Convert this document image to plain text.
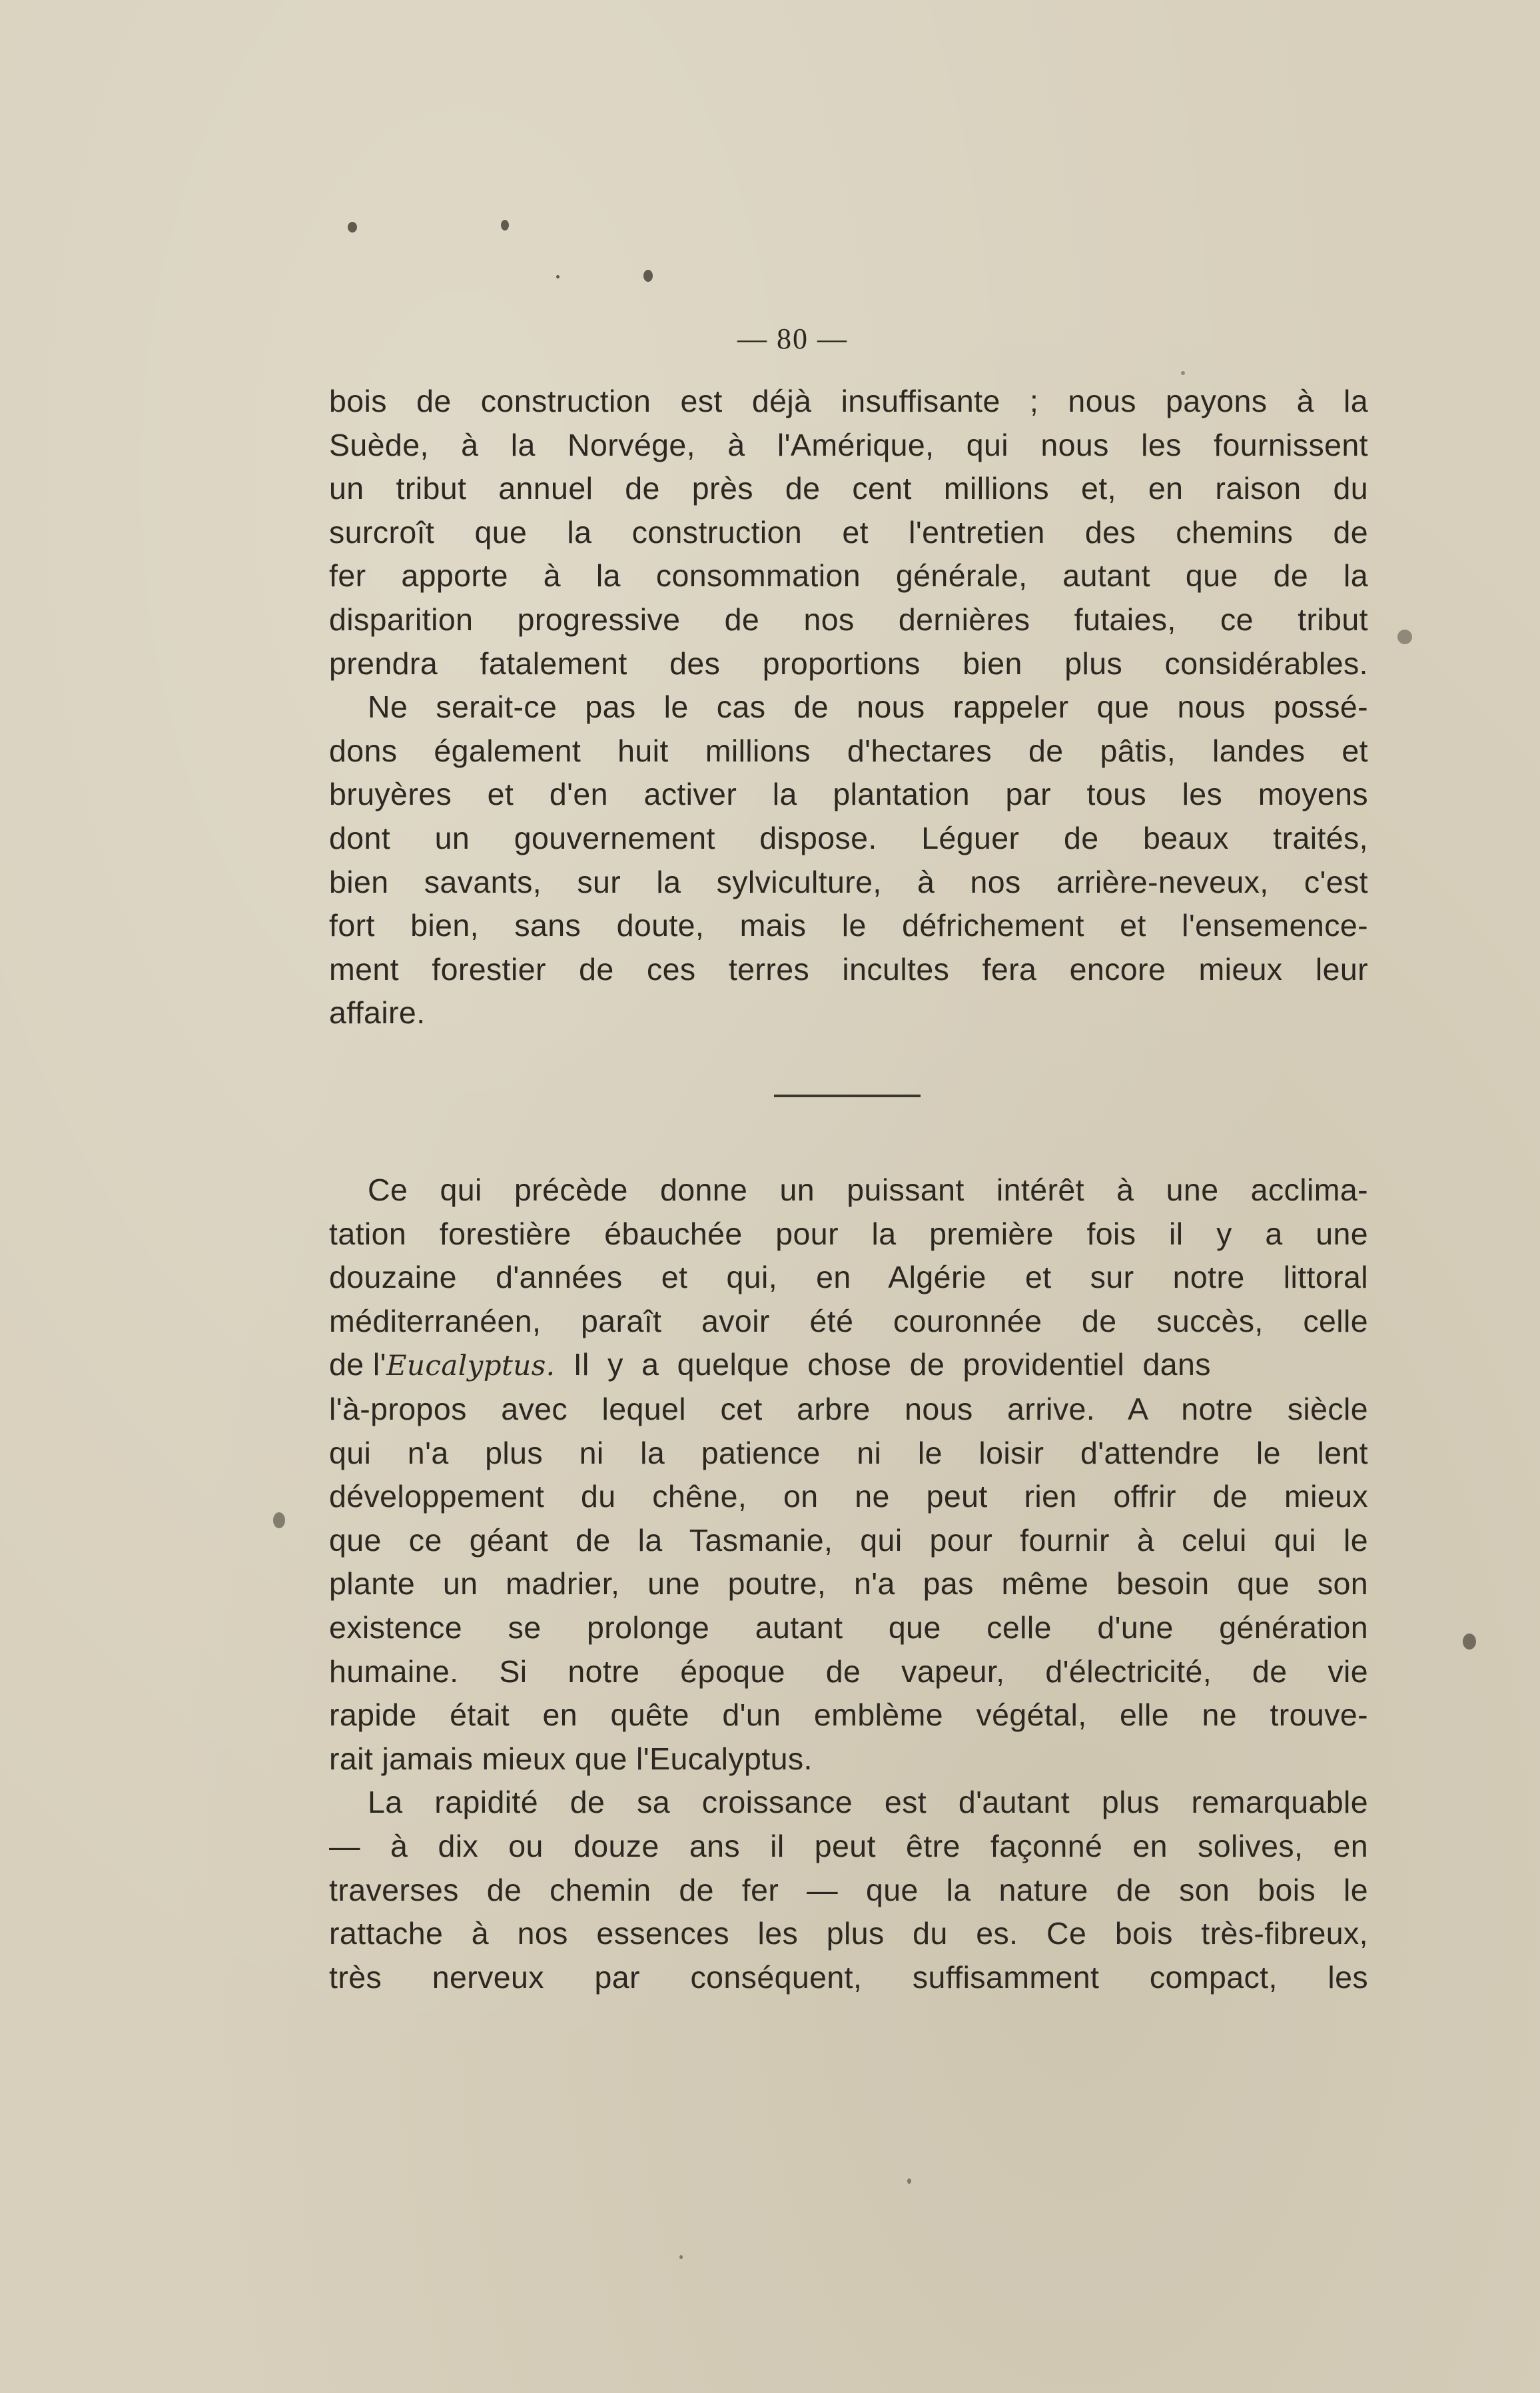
— 80 —
bois de construction est déjà insuffisante ; nous payons à la
Suède, à la Norvége, à l'Amérique, qui nous les fournissent
un tribut annuel de près de cent millions et, en raison du
surcroît que la construction et l'entretien des chemins de
fer apporte à la consommation générale, autant que de la
disparition progressive de nos dernières futaies, ce tribut
prendra fatalement des proportions bien plus considérables.
Ne serait-ce pas le cas de nous rappeler que nous possé-
dons également huit millions d'hectares de pâtis, landes et
bruyères et d'en activer la plantation par tous les moyens
dont un gouvernement dispose. Léguer de beaux traités,
bien savants, sur la sylviculture, à nos arrière-neveux, c'est
fort bien, sans doute, mais le défrichement et l'ensemence-
ment forestier de ces terres incultes fera encore mieux leur
affaire.
Ce qui précède donne un puissant intérêt à une acclima-
tation forestière ébauchée pour la première fois il y a une
douzaine d'années et qui, en Algérie et sur notre littoral
méditerranéen, paraît avoir été couronnée de succès, celle
de l'Eucalyptus. Il y a quelque chose de providentiel dans
l'à-propos avec lequel cet arbre nous arrive. A notre siècle
qui n'a plus ni la patience ni le loisir d'attendre le lent
développement du chêne, on ne peut rien offrir de mieux
que ce géant de la Tasmanie, qui pour fournir à celui qui le
plante un madrier, une poutre, n'a pas même besoin que son
existence se prolonge autant que celle d'une génération
humaine. Si notre époque de vapeur, d'électricité, de vie
rapide était en quête d'un emblème végétal, elle ne trouve-
rait jamais mieux que l'Eucalyptus.
La rapidité de sa croissance est d'autant plus remarquable
— à dix ou douze ans il peut être façonné en solives, en
traverses de chemin de fer — que la nature de son bois le
rattache à nos essences les plus du es. Ce bois très-fibreux,
très nerveux par conséquent, suffisamment compact, les
